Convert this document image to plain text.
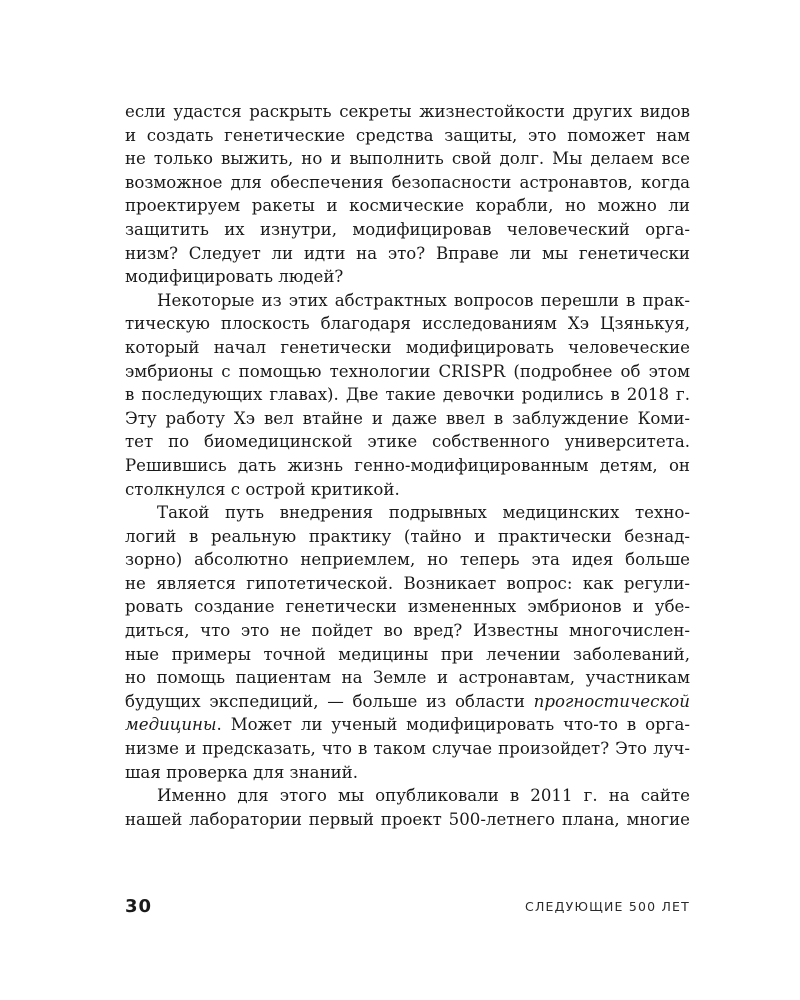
если удастся раскрыть секреты жизнестойкости других видов
и создать генетические средства защиты, это поможет нам
не только выжить, но и выполнить свой долг. Мы делаем все
возможное для обеспечения безопасности астронавтов, когда
проектируем ракеты и космические корабли, но можно ли
защитить их изнутри, модифицировав человеческий орга-
низм? Следует ли идти на это? Вправе ли мы генетически
модифицировать людей?
Некоторые из этих абстрактных вопросов перешли в прак-
тическую плоскость благодаря исследованиям Хэ Цзянькуя,
который начал генетически модифицировать человеческие
эмбрионы с помощью технологии CRISPR (подробнее об этом
в последующих главах). Две такие девочки родились в 2018 г.
Эту работу Хэ вел втайне и даже ввел в заблуждение Коми-
тет по биомедицинской этике собственного университета.
Решившись дать жизнь генно-модифицированным детям, он
столкнулся с острой критикой.
Такой путь внедрения подрывных медицинских техно-
логий в реальную практику (тайно и практически безнад-
зорно) абсолютно неприемлем, но теперь эта идея больше
не является гипотетической. Возникает вопрос: как регули-
ровать создание генетически измененных эмбрионов и убе-
диться, что это не пойдет во вред? Известны многочислен-
ные примеры точной медицины при лечении заболеваний,
но помощь пациентам на Земле и астронавтам, участникам
будущих экспедиций, — больше из области прогностической
медицины. Может ли ученый модифицировать что-то в орга-
низме и предсказать, что в таком случае произойдет? Это луч-
шая проверка для знаний.
Именно для этого мы опубликовали в 2011 г. на сайте
нашей лаборатории первый проект 500-летнего плана, многие
30	СЛЕДУЮЩИЕ 500 ЛЕТ
